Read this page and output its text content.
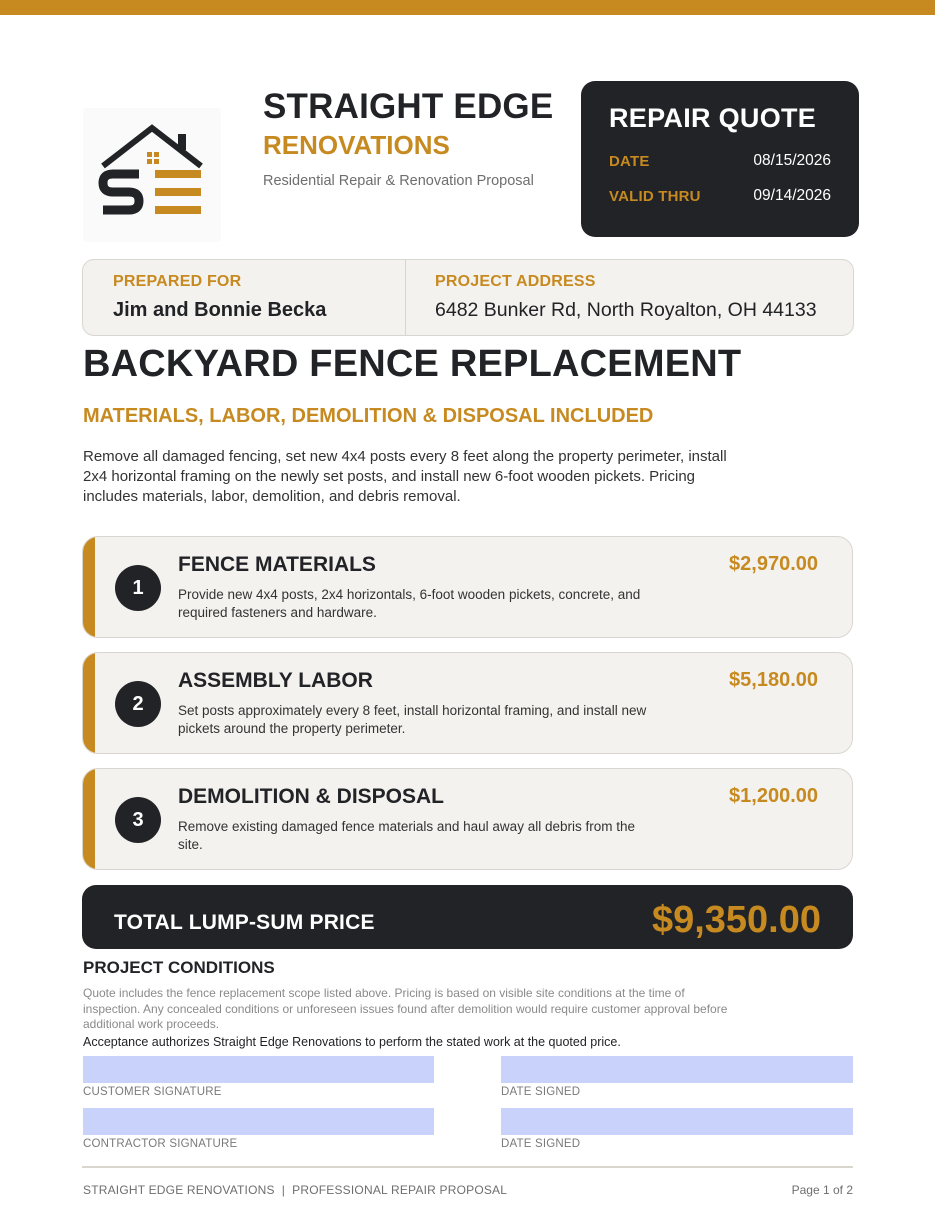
STRAIGHT EDGE
RENOVATIONS
Residential Repair & Renovation Proposal
REPAIR QUOTE
DATE	08/15/2026
VALID THRU	09/14/2026
PREPARED FOR
Jim and Bonnie Becka
PROJECT ADDRESS
6482 Bunker Rd, North Royalton, OH 44133
BACKYARD FENCE REPLACEMENT
MATERIALS, LABOR, DEMOLITION & DISPOSAL INCLUDED
Remove all damaged fencing, set new 4x4 posts every 8 feet along the property perimeter, install 2x4 horizontal framing on the newly set posts, and install new 6-foot wooden pickets. Pricing includes materials, labor, demolition, and debris removal.
1
FENCE MATERIALS
Provide new 4x4 posts, 2x4 horizontals, 6-foot wooden pickets, concrete, and required fasteners and hardware.
$2,970.00
2
ASSEMBLY LABOR
Set posts approximately every 8 feet, install horizontal framing, and install new pickets around the property perimeter.
$5,180.00
3
DEMOLITION & DISPOSAL
Remove existing damaged fence materials and haul away all debris from the site.
$1,200.00
TOTAL LUMP-SUM PRICE	$9,350.00
PROJECT CONDITIONS
Quote includes the fence replacement scope listed above. Pricing is based on visible site conditions at the time of inspection. Any concealed conditions or unforeseen issues found after demolition would require customer approval before additional work proceeds.
Acceptance authorizes Straight Edge Renovations to perform the stated work at the quoted price.
CUSTOMER SIGNATURE	DATE SIGNED
CONTRACTOR SIGNATURE	DATE SIGNED
STRAIGHT EDGE RENOVATIONS  |  PROFESSIONAL REPAIR PROPOSAL	Page 1 of 2
